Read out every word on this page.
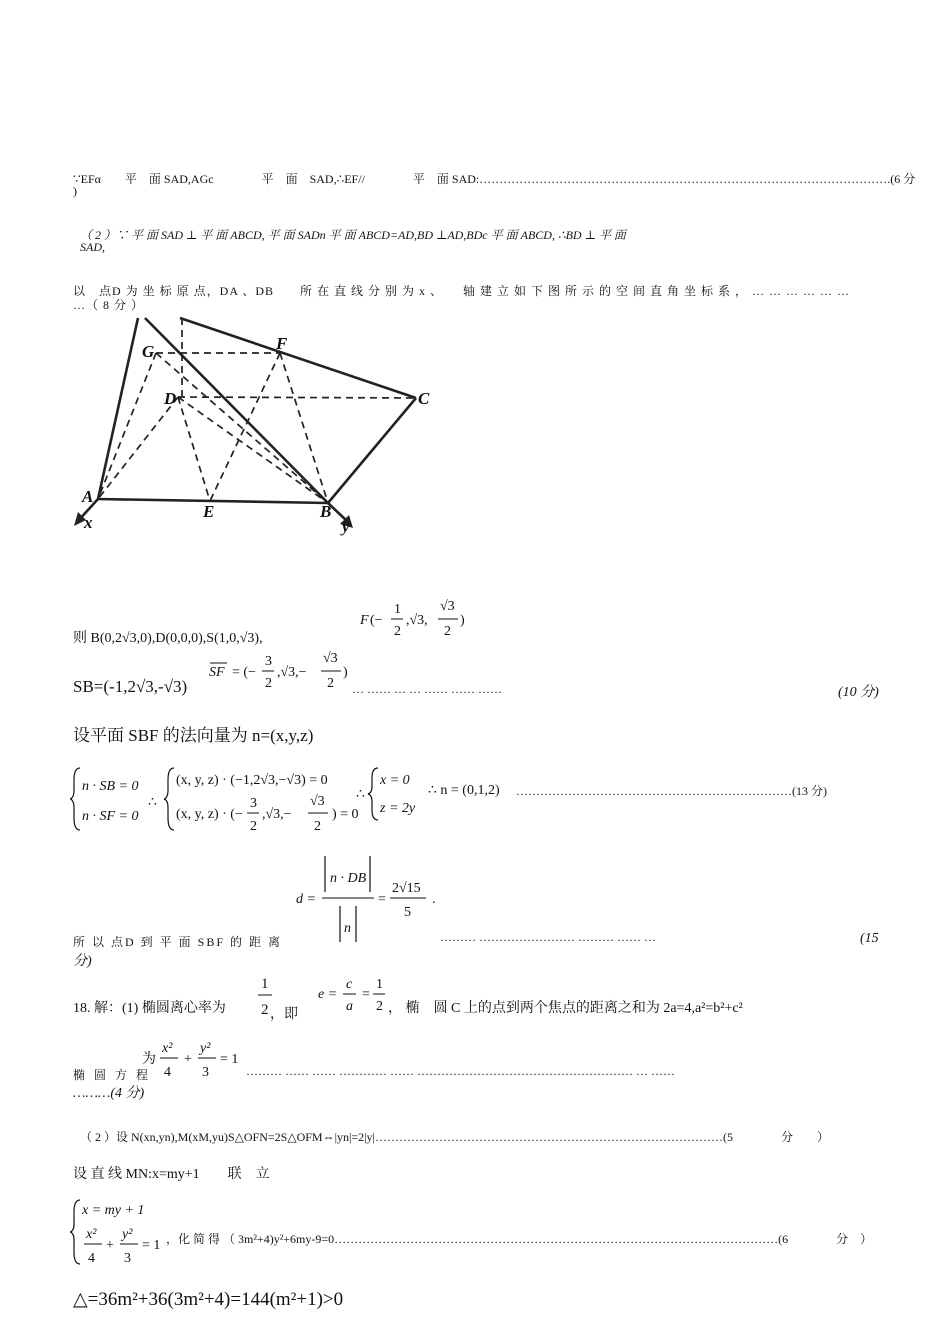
∵EFα　　平　面 SAD,AGc　　　　平　面　SAD,∴EF//　　　　平　面 SAD:………………………………………………………………………………………….(6 分
)
（ 2 ）∵ 平 面 SAD ⊥ 平 面 ABCD, 平 面 SADn 平 面 ABCD=AD,BD ⊥AD,BDc 平 面 ABCD, ∴BD ⊥ 平 面
SAD,
以　点D 为 坐 标 原 点，DA 、DB　　所 在 直 线 分 别 为 x 、　　轴 建 立 如 下 图 所 示 的 空 间 直 角 坐 标 系 ， … … … … … …
…（ 8 分 ）
G	F
D	C
A
E	B
x	y
F (−
1
2
,√3,
√3
2
)
则 B(0,2√3,0),D(0,0,0),S(1,0,√3),
SB=(-1,2√3,-√3)
SF = (−
3
2
,√3,−
√3
2
)
… …… … … …… …… ……	(10 分)
设平面 SBF 的法向量为 n=(x,y,z)
n · SB = 0
n · SF = 0
∴
(x, y, z) · (−1,2√3,−√3) = 0
(x, y, z) · (−
3
2
,√3,−
√3
2
) = 0
∴
x = 0
z = 2y
∴ n = (0,1,2) ……………………………………………………………(13 分)
d =
n · DB
n
=
2√15
5
.
所 以 点D 到 平 面 SBF 的 距 离	……… …………………… ……… …… …	(15
分)
18. 解：(1) 椭圆离心率为
1
2 ，即
e =
c
a
=
1
2 ， 椭　圆 C 上的点到两个焦点的距离之和为 2a=4,a²=b²+c²
为
x²
4
+
y²
3
= 1
椭 圆 方 程	……… …… …… ………… …… ……………………………………………… … ……
………(4 分)
（ 2 ）设 N(xn,yn),M(xM,yu)S△OFN=2S△OFM⇔|yn|=2|y|……………………………………………………………………………(5　　　　分　　）
设 直 线 MN:x=my+1　　联　立
x = my + 1
x²
4
+
y²
3
= 1 ，化 简 得 （ 3m²+4)y²+6my-9=0…………………………………………………………………………………………………(6　　　　分　）
△=36m²+36(3m²+4)=144(m²+1)>0
